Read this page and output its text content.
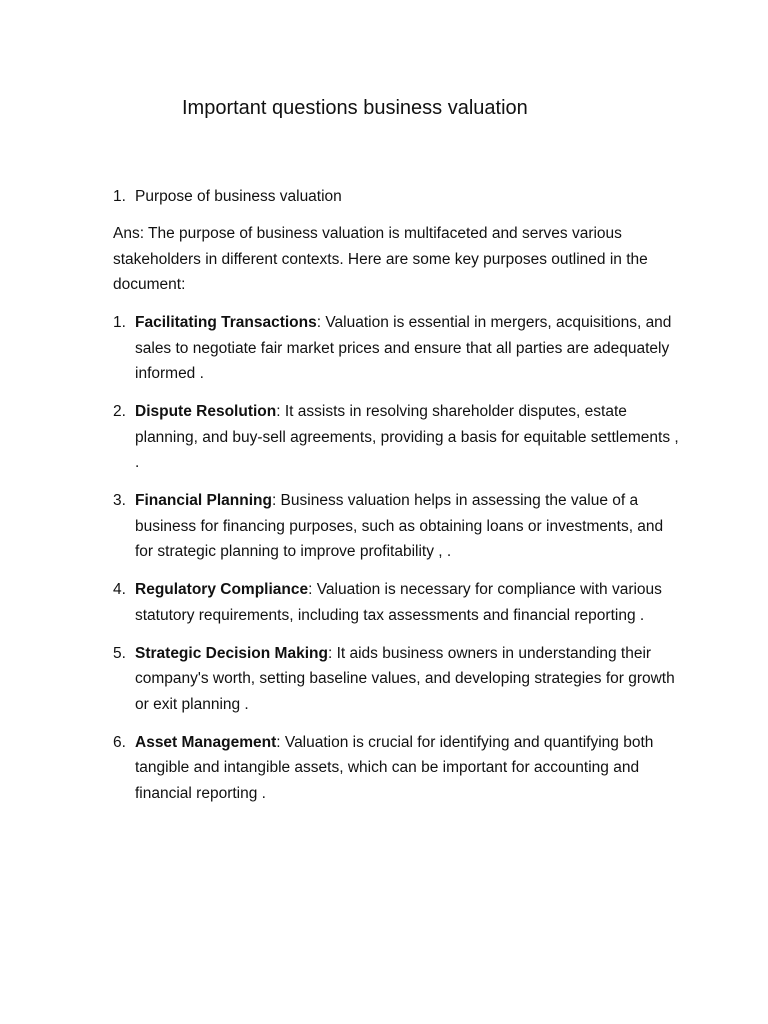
Important questions business valuation
1. Purpose of business valuation

Ans: The purpose of business valuation is multifaceted and serves various stakeholders in different contexts. Here are some key purposes outlined in the document:

1. Facilitating Transactions: Valuation is essential in mergers, acquisitions, and sales to negotiate fair market prices and ensure that all parties are adequately informed .
2. Dispute Resolution: It assists in resolving shareholder disputes, estate planning, and buy-sell agreements, providing a basis for equitable settlements , .
3. Financial Planning: Business valuation helps in assessing the value of a business for financing purposes, such as obtaining loans or investments, and for strategic planning to improve profitability , .
4. Regulatory Compliance: Valuation is necessary for compliance with various statutory requirements, including tax assessments and financial reporting .
5. Strategic Decision Making: It aids business owners in understanding their company's worth, setting baseline values, and developing strategies for growth or exit planning .
6. Asset Management: Valuation is crucial for identifying and quantifying both tangible and intangible assets, which can be important for accounting and financial reporting .
